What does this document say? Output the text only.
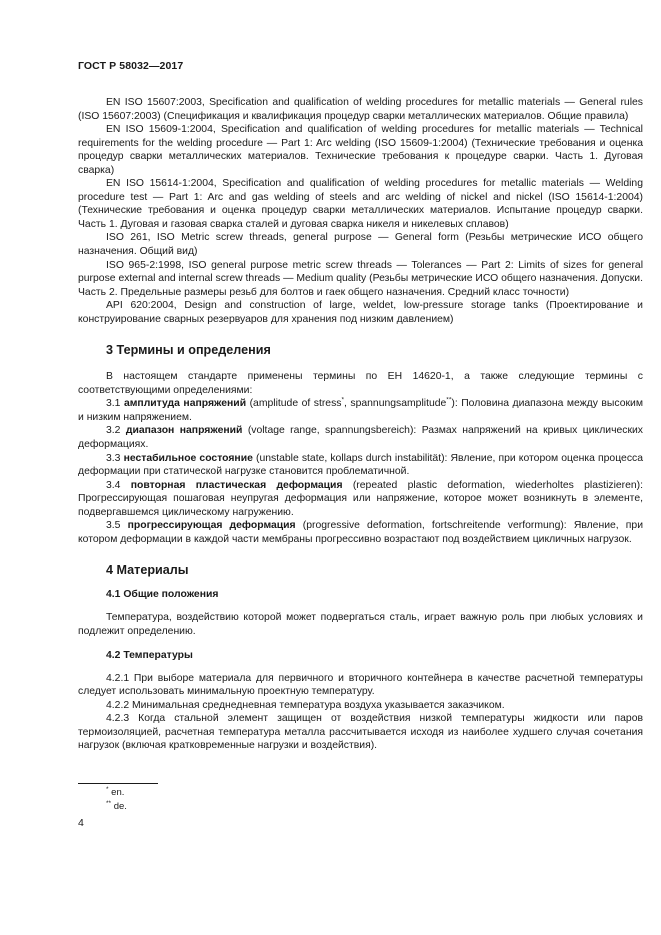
ГОСТ Р 58032—2017

EN ISO 15607:2003, Specification and qualification of welding procedures for metallic materials — General rules (ISO 15607:2003) (Спецификация и квалификация процедур сварки металлических материалов. Общие правила)

EN ISO 15609-1:2004, Specification and qualification of welding procedures for metallic materials — Technical requirements for the welding procedure — Part 1: Arc welding (ISO 15609-1:2004) (Технические требования и оценка процедур сварки металлических материалов. Технические требования к процедуре сварки. Часть 1. Дуговая сварка)

EN ISO 15614-1:2004, Specification and qualification of welding procedures for metallic materials — Welding procedure test — Part 1: Arc and gas welding of steels and arc welding of nickel and nickel (ISO 15614-1:2004) (Технические требования и оценка процедур сварки металлических материалов. Испытание процедур сварки. Часть 1. Дуговая и газовая сварка сталей и дуговая сварка никеля и никелевых сплавов)

ISO 261, ISO Metric screw threads, general purpose — General form (Резьбы метрические ИСО общего назначения. Общий вид)

ISO 965-2:1998, ISO general purpose metric screw threads — Tolerances — Part 2: Limits of sizes for general purpose external and internal screw threads — Medium quality (Резьбы метрические ИСО общего назначения. Допуски. Часть 2. Предельные размеры резьб для болтов и гаек общего назначения. Средний класс точности)

API 620:2004, Design and construction of large, weldet, low-pressure storage tanks (Проектирование и конструирование сварных резервуаров для хранения под низким давлением)

3 Термины и определения

В настоящем стандарте применены термины по ЕН 14620-1, а также следующие термины с соответствующими определениями:

3.1 амплитуда напряжений (amplitude of stress*, spannungsamplitude**): Половина диапазона между высоким и низким напряжением.

3.2 диапазон напряжений (voltage range, spannungsbereich): Размах напряжений на кривых циклических деформациях.

3.3 нестабильное состояние (unstable state, kollaps durch instabilität): Явление, при котором оценка процесса деформации при статической нагрузке становится проблематичной.

3.4 повторная пластическая деформация (repeated plastic deformation, wiederholtes plastizieren): Прогрессирующая пошаговая неупругая деформация или напряжение, которое может возникнуть в элементе, подвергавшемся циклическому нагружению.

3.5 прогрессирующая деформация (progressive deformation, fortschreitende verformung): Явление, при котором деформации в каждой части мембраны прогрессивно возрастают под воздействием цикличных нагрузок.

4 Материалы
4.1 Общие положения

Температура, воздействию которой может подвергаться сталь, играет важную роль при любых условиях и подлежит определению.

4.2 Температуры

4.2.1 При выборе материала для первичного и вторичного контейнера в качестве расчетной температуры следует использовать минимальную проектную температуру.

4.2.2 Минимальная среднедневная температура воздуха указывается заказчиком.

4.2.3 Когда стальной элемент защищен от воздействия низкой температуры жидкости или паров термоизоляцией, расчетная температура металла рассчитывается исходя из наиболее худшего случая сочетания нагрузок (включая кратковременные нагрузки и воздействия).

* en.
** de.
4
